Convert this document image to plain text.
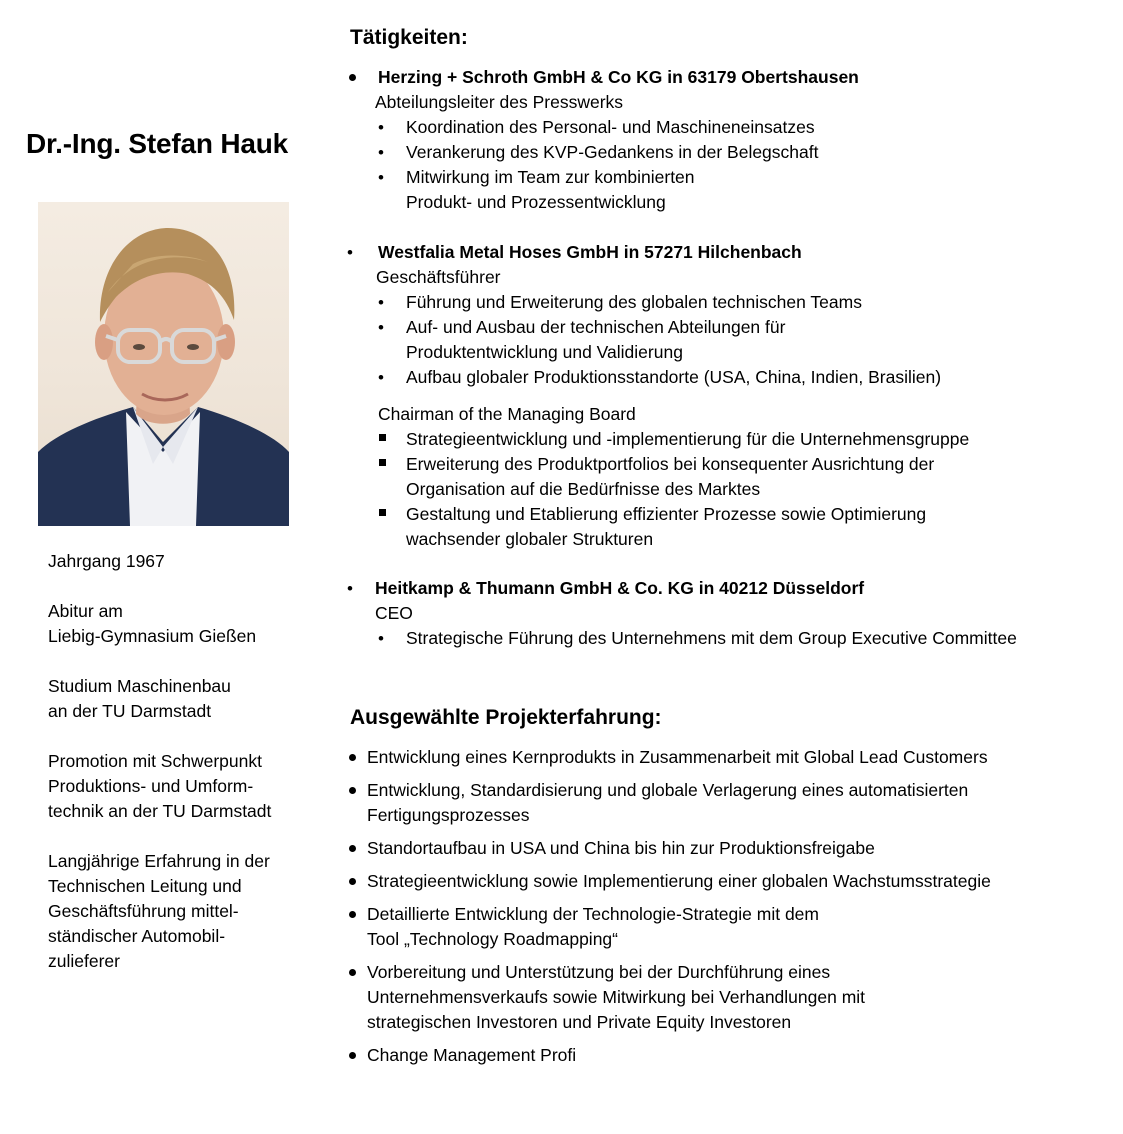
Dr.-Ing. Stefan Hauk
Jahrgang 1967
Abitur am
Liebig-Gymnasium Gießen
Studium Maschinenbau
an der TU Darmstadt
Promotion mit Schwerpunkt
Produktions- und Umform-
technik an der TU Darmstadt
Langjährige Erfahrung in der
Technischen Leitung und
Geschäftsführung mittel-
ständischer Automobil-
zulieferer
Tätigkeiten:
Herzing + Schroth GmbH & Co KG in 63179 Obertshausen
Abteilungsleiter des Presswerks
• Koordination des Personal- und Maschineneinsatzes
• Verankerung des KVP-Gedankens in der Belegschaft
• Mitwirkung im Team zur kombinierten
Produkt- und Prozessentwicklung
• Westfalia Metal Hoses GmbH in 57271 Hilchenbach
Geschäftsführer
• Führung und Erweiterung des globalen technischen Teams
• Auf- und Ausbau der technischen Abteilungen für
Produktentwicklung und Validierung
• Aufbau globaler Produktionsstandorte (USA, China, Indien, Brasilien)
Chairman of the Managing Board
Strategieentwicklung und -implementierung für die Unternehmensgruppe
Erweiterung des Produktportfolios bei konsequenter Ausrichtung der
Organisation auf die Bedürfnisse des Marktes
Gestaltung und Etablierung effizienter Prozesse sowie Optimierung
wachsender globaler Strukturen
• Heitkamp & Thumann GmbH & Co. KG in 40212 Düsseldorf
CEO
• Strategische Führung des Unternehmens mit dem Group Executive Committee
Ausgewählte Projekterfahrung:
Entwicklung eines Kernprodukts in Zusammenarbeit mit Global Lead Customers
Entwicklung, Standardisierung und globale Verlagerung eines automatisierten
Fertigungsprozesses
Standortaufbau in USA und China bis hin zur Produktionsfreigabe
Strategieentwicklung sowie Implementierung einer globalen Wachstumsstrategie
Detaillierte Entwicklung der Technologie-Strategie mit dem
Tool „Technology Roadmapping“
Vorbereitung und Unterstützung bei der Durchführung eines
Unternehmensverkaufs sowie Mitwirkung bei Verhandlungen mit
strategischen Investoren und Private Equity Investoren
Change Management Profi
